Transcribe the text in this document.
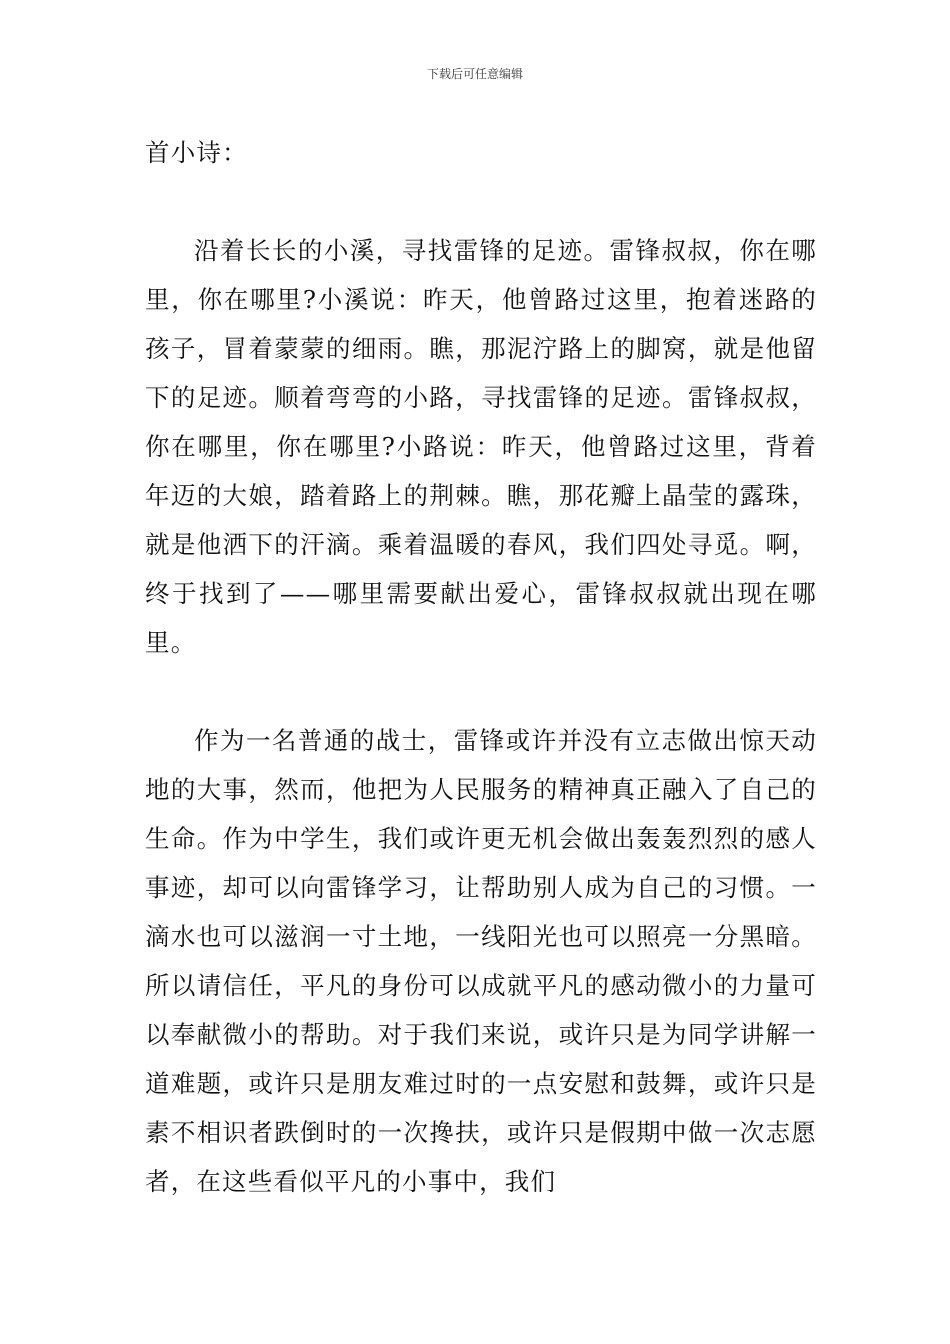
下载后可任意编辑

首小诗：

沿着长长的小溪，寻找雷锋的足迹。雷锋叔叔，你在哪里，你在哪里?小溪说：昨天，他曾路过这里，抱着迷路的孩子，冒着蒙蒙的细雨。瞧，那泥泞路上的脚窝，就是他留下的足迹。顺着弯弯的小路，寻找雷锋的足迹。雷锋叔叔，你在哪里，你在哪里?小路说：昨天，他曾路过这里，背着年迈的大娘，踏着路上的荆棘。瞧，那花瓣上晶莹的露珠，就是他洒下的汗滴。乘着温暖的春风，我们四处寻觅。啊，终于找到了——哪里需要献出爱心，雷锋叔叔就出现在哪里。

作为一名普通的战士，雷锋或许并没有立志做出惊天动地的大事，然而，他把为人民服务的精神真正融入了自己的生命。作为中学生，我们或许更无机会做出轰轰烈烈的感人事迹，却可以向雷锋学习，让帮助别人成为自己的习惯。一滴水也可以滋润一寸土地，一线阳光也可以照亮一分黑暗。所以请信任，平凡的身份可以成就平凡的感动微小的力量可以奉献微小的帮助。对于我们来说，或许只是为同学讲解一道难题，或许只是朋友难过时的一点安慰和鼓舞，或许只是素不相识者跌倒时的一次搀扶，或许只是假期中做一次志愿者，在这些看似平凡的小事中，我们
